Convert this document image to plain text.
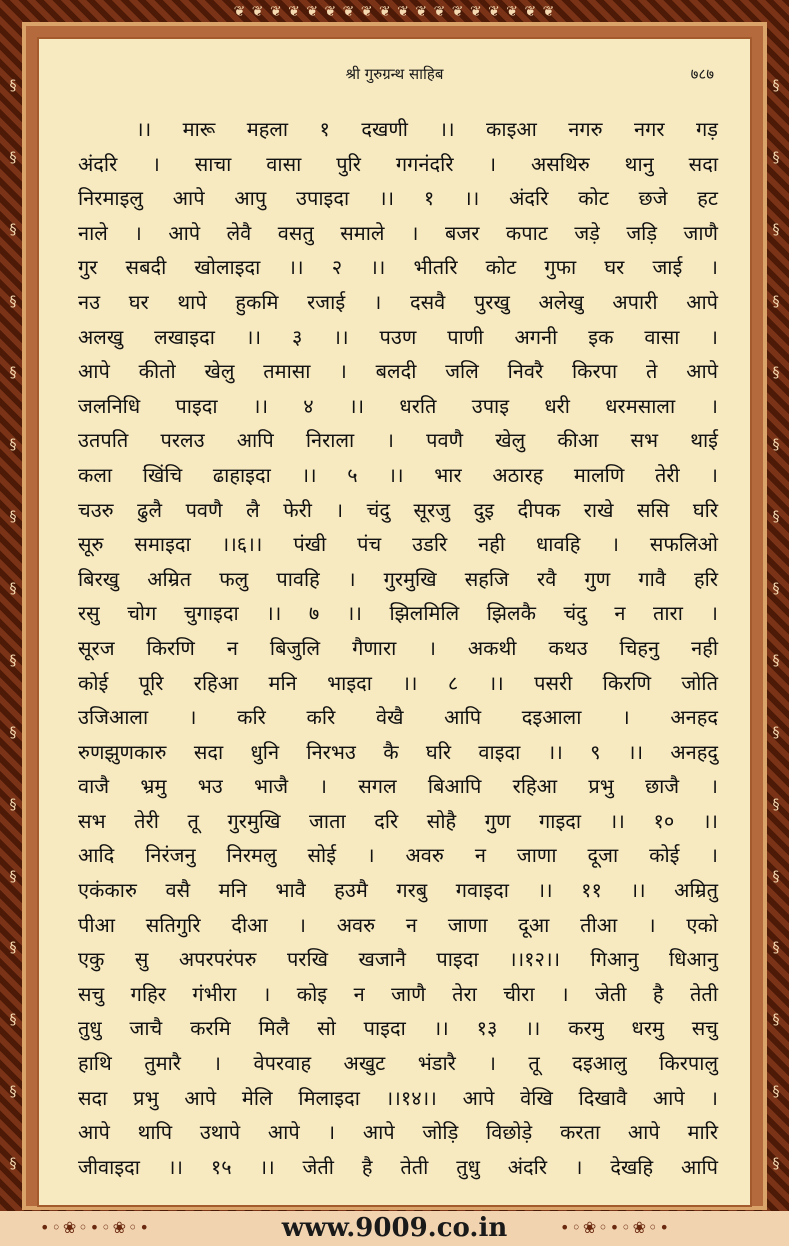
❦ ❦ ❦ ❦ ❦ ❦ ❦ ❦ ❦ ❦ ❦ ❦ ❦ ❦ ❦ ❦ ❦ ❦
§
§
§
§
§
§
§
§
§
§
§
§
§
§
§
§
§
§
§
§
§
§
§
§
§
§
§
§
§
§
§
§
श्री गुरुग्रन्थ साहिब	७८७
।। मारू महला १ दखणी ।। काइआ नगरु नगर गड़
अंदरि । साचा वासा पुरि गगनंदरि । असथिरु थानु सदा
निरमाइलु आपे आपु उपाइदा ।। १ ।। अंदरि कोट छजे हट
नाले । आपे लेवै वसतु समाले । बजर कपाट जड़े जड़ि जाणै
गुर सबदी खोलाइदा ।। २ ।। भीतरि कोट गुफा घर जाई ।
नउ घर थापे हुकमि रजाई । दसवै पुरखु अलेखु अपारी आपे
अलखु लखाइदा ।। ३ ।। पउण पाणी अगनी इक वासा ।
आपे कीतो खेलु तमासा । बलदी जलि निवरै किरपा ते आपे
जलनिधि पाइदा ।। ४ ।। धरति उपाइ धरी धरमसाला ।
उतपति परलउ आपि निराला । पवणै खेलु कीआ सभ थाई
कला खिंचि ढाहाइदा ।। ५ ।। भार अठारह मालणि तेरी ।
चउरु ढुलै पवणै लै फेरी । चंदु सूरजु दुइ दीपक राखे ससि घरि
सूरु समाइदा ।।६।। पंखी पंच उडरि नही धावहि । सफलिओ
बिरखु अम्रित फलु पावहि । गुरमुखि सहजि रवै गुण गावै हरि
रसु चोग चुगाइदा ।। ७ ।। झिलमिलि झिलकै चंदु न तारा ।
सूरज किरणि न बिजुलि गैणारा । अकथी कथउ चिहनु नही
कोई पूरि रहिआ मनि भाइदा ।। ८ ।। पसरी किरणि जोति
उजिआला । करि करि वेखै आपि दइआला । अनहद
रुणझुणकारु सदा धुनि निरभउ कै घरि वाइदा ।। ९ ।। अनहदु
वाजै भ्रमु भउ भाजै । सगल बिआपि रहिआ प्रभु छाजै ।
सभ तेरी तू गुरमुखि जाता दरि सोहै गुण गाइदा ।। १० ।।
आदि निरंजनु निरमलु सोई । अवरु न जाणा दूजा कोई ।
एकंकारु वसै मनि भावै हउमै गरबु गवाइदा ।। ११ ।। अम्रितु
पीआ सतिगुरि दीआ । अवरु न जाणा दूआ तीआ । एको
एकु सु अपरपरंपरु परखि खजानै पाइदा ।।१२।। गिआनु धिआनु
सचु गहिर गंभीरा । कोइ न जाणै तेरा चीरा । जेती है तेती
तुधु जाचै करमि मिलै सो पाइदा ।। १३ ।। करमु धरमु सचु
हाथि तुमारै । वेपरवाह अखुट भंडारै । तू दइआलु किरपालु
सदा प्रभु आपे मेलि मिलाइदा ।।१४।। आपे वेखि दिखावै आपे ।
आपे थापि उथापे आपे । आपे जोड़ि विछोड़े करता आपे मारि
जीवाइदा ।। १५ ।। जेती है तेती तुधु अंदरि । देखहि आपि
•◦❀◦•◦❀◦•	•◦❀◦•◦❀◦•
www.9009.co.in
